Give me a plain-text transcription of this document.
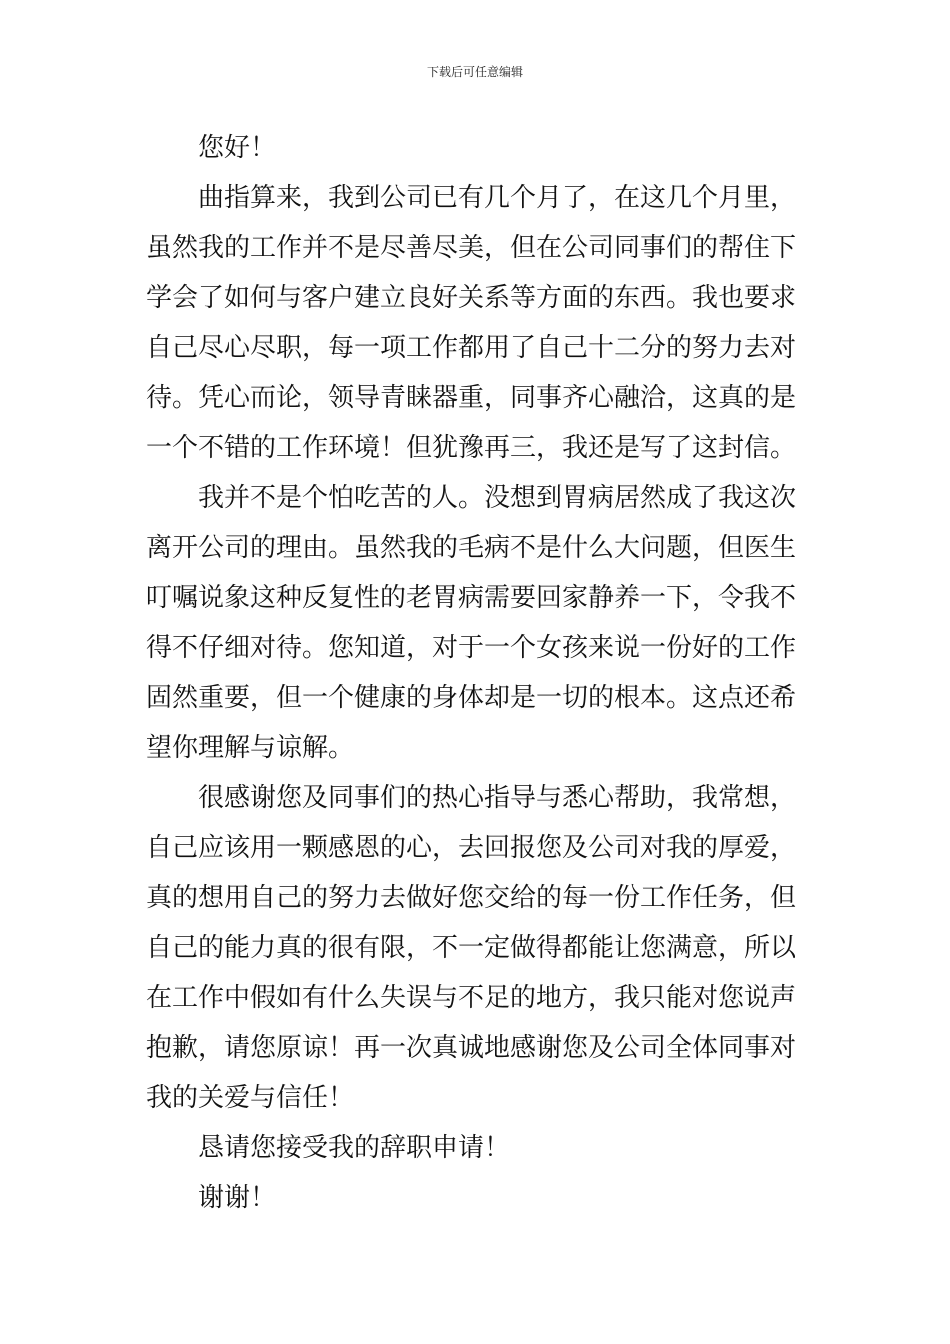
下载后可任意编辑
您好！
曲指算来，我到公司已有几个月了，在这几个月里，
虽然我的工作并不是尽善尽美，但在公司同事们的帮住下
学会了如何与客户建立良好关系等方面的东西。我也要求
自己尽心尽职，每一项工作都用了自己十二分的努力去对
待。凭心而论，领导青睐器重，同事齐心融洽，这真的是
一个不错的工作环境！但犹豫再三，我还是写了这封信。
我并不是个怕吃苦的人。没想到胃病居然成了我这次
离开公司的理由。虽然我的毛病不是什么大问题，但医生
叮嘱说象这种反复性的老胃病需要回家静养一下，令我不
得不仔细对待。您知道，对于一个女孩来说一份好的工作
固然重要，但一个健康的身体却是一切的根本。这点还希
望你理解与谅解。
很感谢您及同事们的热心指导与悉心帮助，我常想，
自己应该用一颗感恩的心，去回报您及公司对我的厚爱，
真的想用自己的努力去做好您交给的每一份工作任务，但
自己的能力真的很有限，不一定做得都能让您满意，所以
在工作中假如有什么失误与不足的地方，我只能对您说声
抱歉，请您原谅！再一次真诚地感谢您及公司全体同事对
我的关爱与信任！
恳请您接受我的辞职申请！
谢谢！
